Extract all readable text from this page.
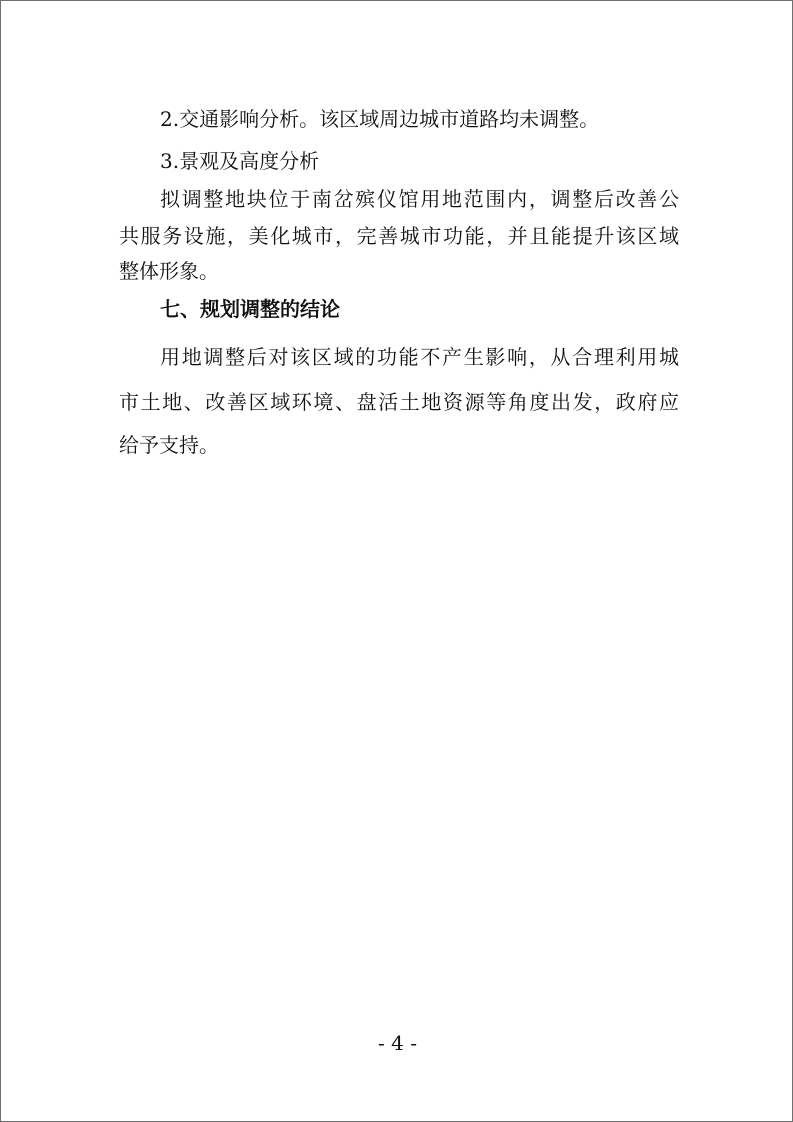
2.交通影响分析。该区域周边城市道路均未调整。
3.景观及高度分析
拟调整地块位于南岔殡仪馆用地范围内，调整后改善公
共服务设施，美化城市，完善城市功能，并且能提升该区域
整体形象。
七、规划调整的结论
用地调整后对该区域的功能不产生影响，从合理利用城
市土地、改善区域环境、盘活土地资源等角度出发，政府应
给予支持。
- 4 -
